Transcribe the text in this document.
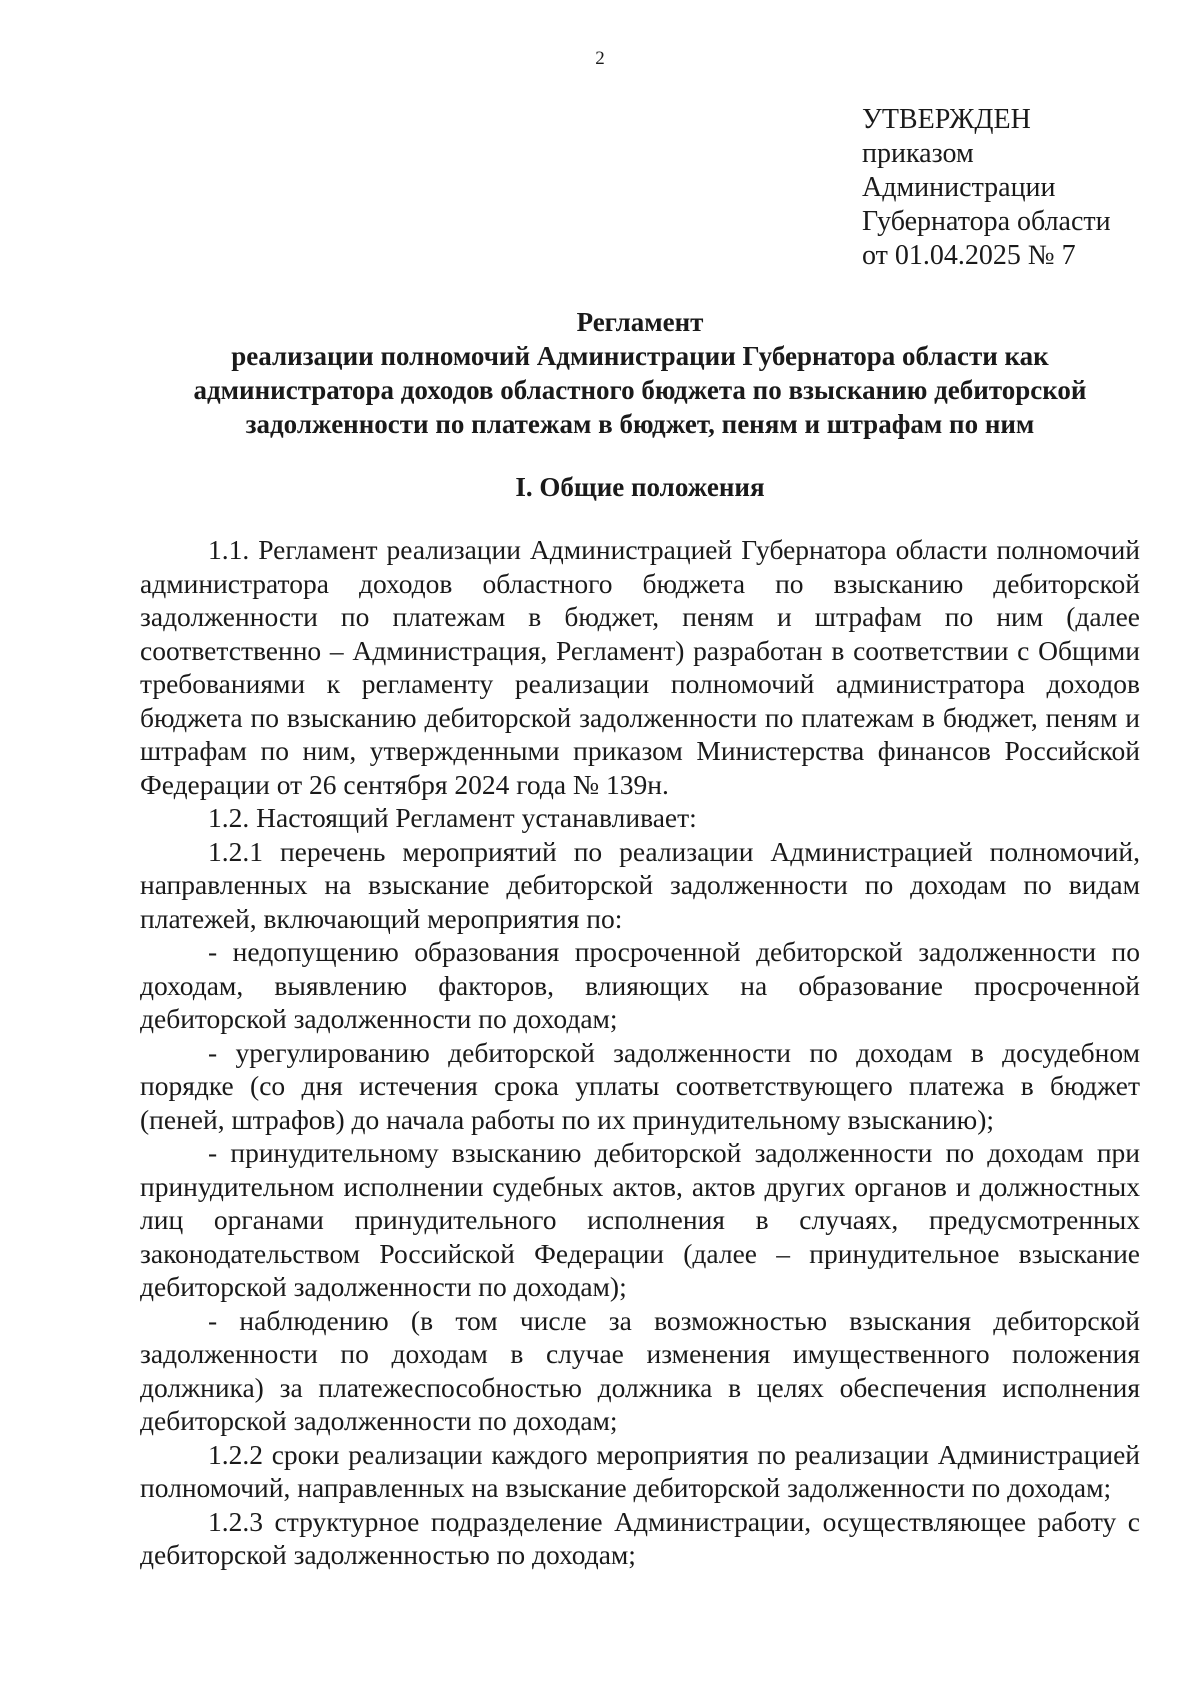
2
УТВЕРЖДЕН
приказом
Администрации
Губернатора области
от 01.04.2025 № 7
Регламент
реализации полномочий Администрации Губернатора области как
администратора доходов областного бюджета по взысканию дебиторской
задолженности по платежам в бюджет, пеням и штрафам по ним
I. Общие положения

1.1. Регламент реализации Администрацией Губернатора области полномочий администратора доходов областного бюджета по взысканию дебиторской задолженности по платежам в бюджет, пеням и штрафам по ним (далее соответственно – Администрация, Регламент) разработан в соответствии с Общими требованиями к регламенту реализации полномочий администратора доходов бюджета по взысканию дебиторской задолженности по платежам в бюджет, пеням и штрафам по ним, утвержденными приказом Министерства финансов Российской Федерации от 26 сентября 2024 года № 139н.

1.2. Настоящий Регламент устанавливает:

1.2.1 перечень мероприятий по реализации Администрацией полномочий, направленных на взыскание дебиторской задолженности по доходам по видам платежей, включающий мероприятия по:

- недопущению образования просроченной дебиторской задолженности по доходам, выявлению факторов, влияющих на образование просроченной дебиторской задолженности по доходам;

- урегулированию дебиторской задолженности по доходам в досудебном порядке (со дня истечения срока уплаты соответствующего платежа в бюджет (пеней, штрафов) до начала работы по их принудительному взысканию);

- принудительному взысканию дебиторской задолженности по доходам при принудительном исполнении судебных актов, актов других органов и должностных лиц органами принудительного исполнения в случаях, предусмотренных законодательством Российской Федерации (далее – принудительное взыскание дебиторской задолженности по доходам);

- наблюдению (в том числе за возможностью взыскания дебиторской задолженности по доходам в случае изменения имущественного положения должника) за платежеспособностью должника в целях обеспечения исполнения дебиторской задолженности по доходам;

1.2.2 сроки реализации каждого мероприятия по реализации Администрацией полномочий, направленных на взыскание дебиторской задолженности по доходам;

1.2.3 структурное подразделение Администрации, осуществляющее работу с дебиторской задолженностью по доходам;
